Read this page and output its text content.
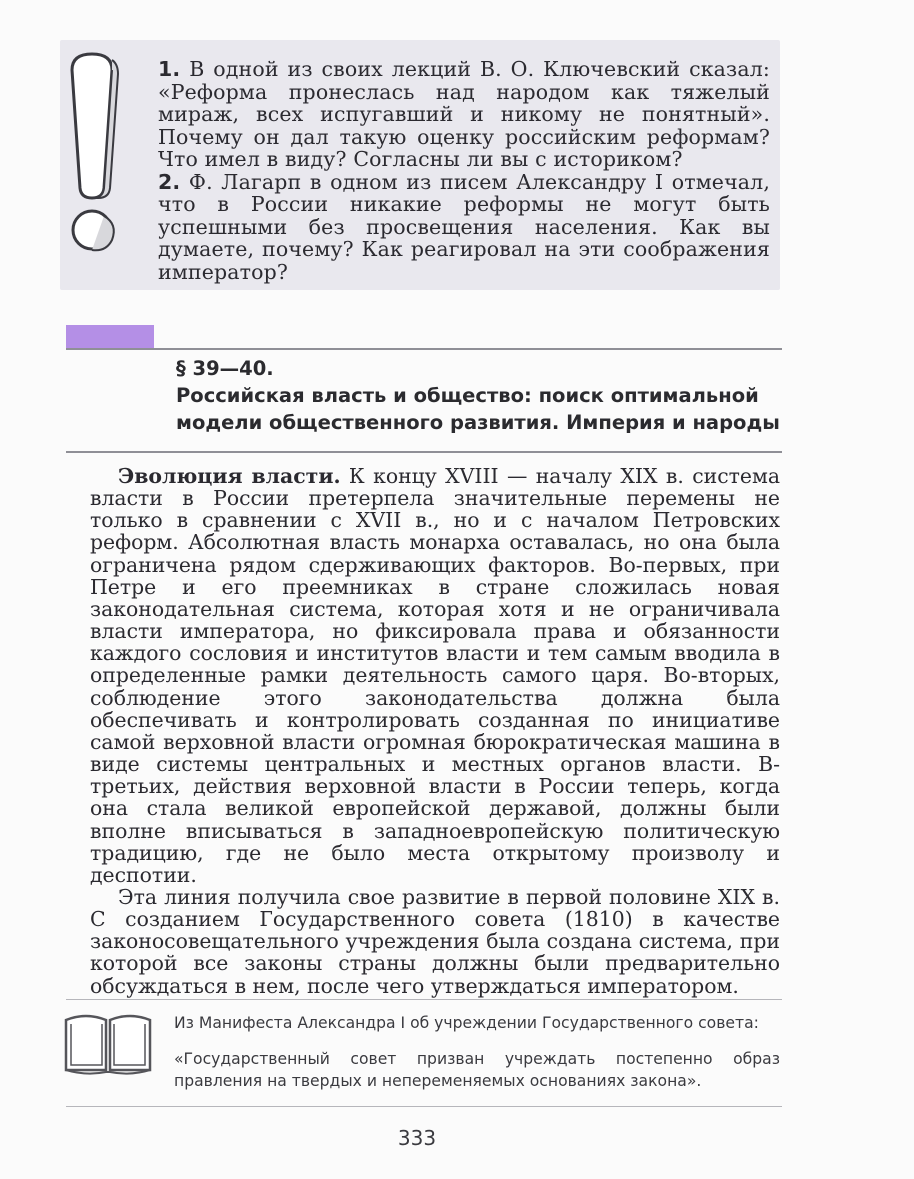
1. В одной из своих лекций В. О. Ключевский сказал: «Реформа пронеслась над народом как тяжелый мираж, всех испугавший и никому не понятный». Почему он дал такую оценку российским реформам? Что имел в виду? Согласны ли вы с историком?

2. Ф. Лагарп в одном из писем Александру I отмечал, что в России никакие реформы не могут быть успешными без просвещения населения. Как вы думаете, почему? Как реагировал на эти соображения император?

§ 39—40.
Российская власть и общество: поиск оптимальной
модели общественного развития. Империя и народы

Эволюция власти. К концу XVIII — началу XIX в. система власти в России претерпела значительные перемены не только в сравнении с XVII в., но и с началом Петровских реформ. Абсолютная власть монарха оставалась, но она была ограничена рядом сдерживающих факторов. Во-первых, при Петре и его преемниках в стране сложилась новая законодательная система, которая хотя и не ограничивала власти императора, но фиксировала права и обязанности каждого сословия и институтов власти и тем самым вводила в определенные рамки деятельность самого царя. Во-вторых, соблюдение этого законодательства должна была обеспечивать и контролировать созданная по инициативе самой верховной власти огромная бюрократическая машина в виде системы центральных и местных органов власти. В-третьих, действия верховной власти в России теперь, когда она стала великой европейской державой, должны были вполне вписываться в западноевропейскую политическую традицию, где не было места открытому произволу и деспотии.

Эта линия получила свое развитие в первой половине XIX в. С созданием Государственного совета (1810) в качестве законосовещательного учреждения была создана система, при которой все законы страны должны были предварительно обсуждаться в нем, после чего утверждаться императором.

Из Манифеста Александра I об учреждении Государственного совета:

«Государственный совет призван учреждать постепенно образ правления на твердых и непеременяемых основаниях закона».

333
